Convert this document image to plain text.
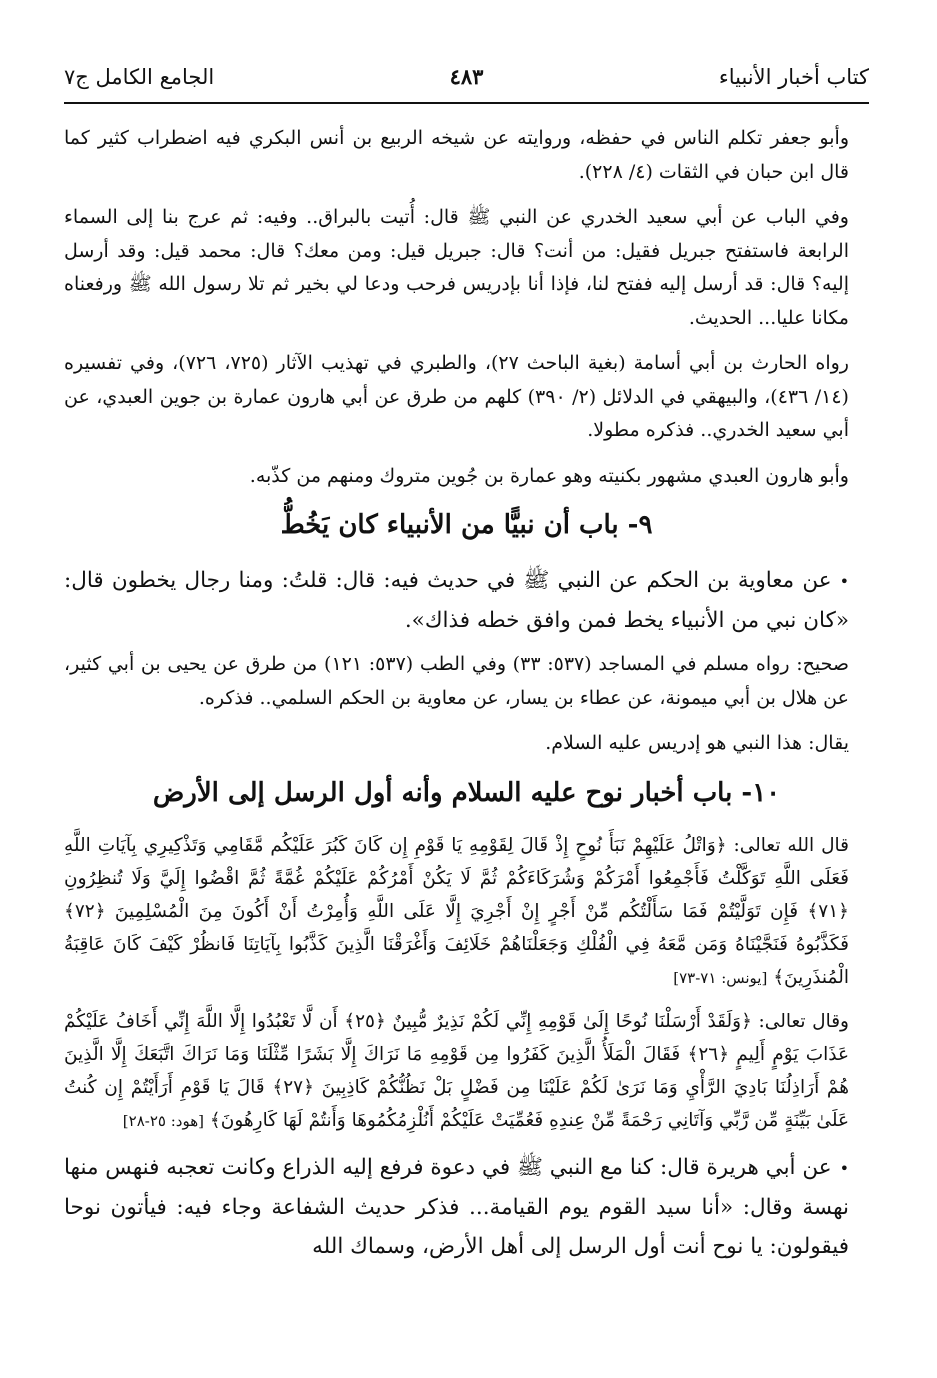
كتاب أخبار الأنبياء
٤٨٣
الجامع الكامل ج٧

وأبو جعفر تكلم الناس في حفظه، وروايته عن شيخه الربيع بن أنس البكري فيه اضطراب كثير كما قال ابن حبان في الثقات (٤/ ٢٢٨).

وفي الباب عن أبي سعيد الخدري عن النبي ﷺ قال: أُتيت بالبراق.. وفيه: ثم عرج بنا إلى السماء الرابعة فاستفتح جبريل فقيل: من أنت؟ قال: جبريل قيل: ومن معك؟ قال: محمد قيل: وقد أرسل إليه؟ قال: قد أرسل إليه ففتح لنا، فإذا أنا بإدريس فرحب ودعا لي بخير ثم تلا رسول الله ﷺ ورفعناه مكانا عليا... الحديث.

رواه الحارث بن أبي أسامة (بغية الباحث ٢٧)، والطبري في تهذيب الآثار (٧٢٥، ٧٢٦)، وفي تفسيره (١٤/ ٤٣٦)، والبيهقي في الدلائل (٢/ ٣٩٠) كلهم من طرق عن أبي هارون عمارة بن جوين العبدي، عن أبي سعيد الخدري.. فذكره مطولا.

وأبو هارون العبدي مشهور بكنيته وهو عمارة بن جُوين متروك ومنهم من كذّبه.

٩- باب أن نبيًّا من الأنبياء كان يَخُطُّ

•عن معاوية بن الحكم عن النبي ﷺ في حديث فيه: قال: قلتُ: ومنا رجال يخطون قال: «كان نبي من الأنبياء يخط فمن وافق خطه فذاك».

صحيح: رواه مسلم في المساجد (٥٣٧: ٣٣) وفي الطب (٥٣٧: ١٢١) من طرق عن يحيى بن أبي كثير، عن هلال بن أبي ميمونة، عن عطاء بن يسار، عن معاوية بن الحكم السلمي.. فذكره.

يقال: هذا النبي هو إدريس عليه السلام.

١٠- باب أخبار نوح عليه السلام وأنه أول الرسل إلى الأرض

قال الله تعالى: ﴿وَاتْلُ عَلَيْهِمْ نَبَأَ نُوحٍ إِذْ قَالَ لِقَوْمِهِ يَا قَوْمِ إِن كَانَ كَبُرَ عَلَيْكُم مَّقَامِي وَتَذْكِيرِي بِآيَاتِ اللَّهِ فَعَلَى اللَّهِ تَوَكَّلْتُ فَأَجْمِعُوا أَمْرَكُمْ وَشُرَكَاءَكُمْ ثُمَّ لَا يَكُنْ أَمْرُكُمْ عَلَيْكُمْ غُمَّةً ثُمَّ اقْضُوا إِلَيَّ وَلَا تُنظِرُونِ ﴿٧١﴾ فَإِن تَوَلَّيْتُمْ فَمَا سَأَلْتُكُم مِّنْ أَجْرٍ إِنْ أَجْرِيَ إِلَّا عَلَى اللَّهِ وَأُمِرْتُ أَنْ أَكُونَ مِنَ الْمُسْلِمِينَ ﴿٧٢﴾ فَكَذَّبُوهُ فَنَجَّيْنَاهُ وَمَن مَّعَهُ فِي الْفُلْكِ وَجَعَلْنَاهُمْ خَلَائِفَ وَأَغْرَقْنَا الَّذِينَ كَذَّبُوا بِآيَاتِنَا فَانظُرْ كَيْفَ كَانَ عَاقِبَةُ الْمُنذَرِينَ﴾ [يونس: ٧١-٧٣]

وقال تعالى: ﴿وَلَقَدْ أَرْسَلْنَا نُوحًا إِلَىٰ قَوْمِهِ إِنِّي لَكُمْ نَذِيرٌ مُّبِينٌ ﴿٢٥﴾ أَن لَّا تَعْبُدُوا إِلَّا اللَّهَ إِنِّي أَخَافُ عَلَيْكُمْ عَذَابَ يَوْمٍ أَلِيمٍ ﴿٢٦﴾ فَقَالَ الْمَلَأُ الَّذِينَ كَفَرُوا مِن قَوْمِهِ مَا نَرَاكَ إِلَّا بَشَرًا مِّثْلَنَا وَمَا نَرَاكَ اتَّبَعَكَ إِلَّا الَّذِينَ هُمْ أَرَاذِلُنَا بَادِيَ الرَّأْيِ وَمَا نَرَىٰ لَكُمْ عَلَيْنَا مِن فَضْلٍ بَلْ نَظُنُّكُمْ كَاذِبِينَ ﴿٢٧﴾ قَالَ يَا قَوْمِ أَرَأَيْتُمْ إِن كُنتُ عَلَىٰ بَيِّنَةٍ مِّن رَّبِّي وَآتَانِي رَحْمَةً مِّنْ عِندِهِ فَعُمِّيَتْ عَلَيْكُمْ أَنُلْزِمُكُمُوهَا وَأَنتُمْ لَهَا كَارِهُونَ﴾ [هود: ٢٥-٢٨]

•عن أبي هريرة قال: كنا مع النبي ﷺ في دعوة فرفع إليه الذراع وكانت تعجبه فنهس منها نهسة وقال: «أنا سيد القوم يوم القيامة... فذكر حديث الشفاعة وجاء فيه: فيأتون نوحا فيقولون: يا نوح أنت أول الرسل إلى أهل الأرض، وسماك الله
